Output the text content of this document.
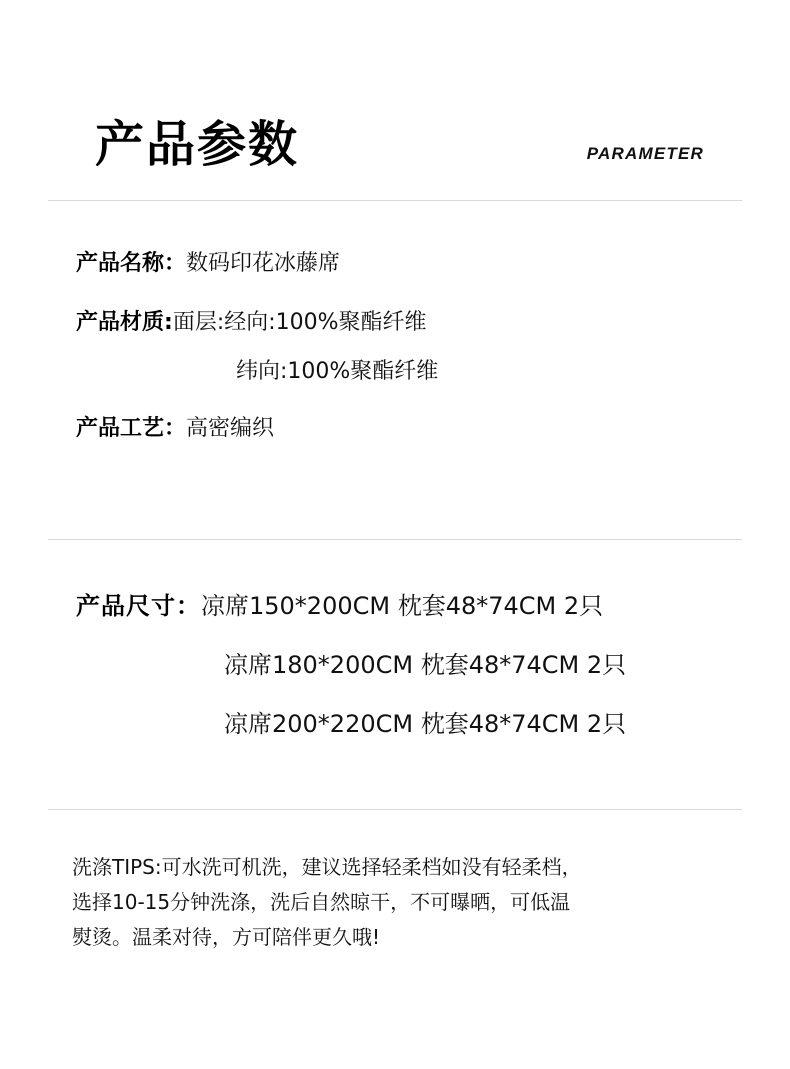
产品参数	PARAMETER
产品名称： 数码印花冰藤席
产品材质: 面层:经向:100%聚酯纤维
纬向:100%聚酯纤维
产品工艺： 高密编织
产品尺寸： 凉席150*200CM 枕套48*74CM 2只
凉席180*200CM 枕套48*74CM 2只
凉席200*220CM 枕套48*74CM 2只
洗涤TIPS:可水洗可机洗，建议选择轻柔档如没有轻柔档，
选择10-15分钟洗涤，洗后自然晾干，不可曝晒，可低温
熨烫。温柔对待，方可陪伴更久哦!
